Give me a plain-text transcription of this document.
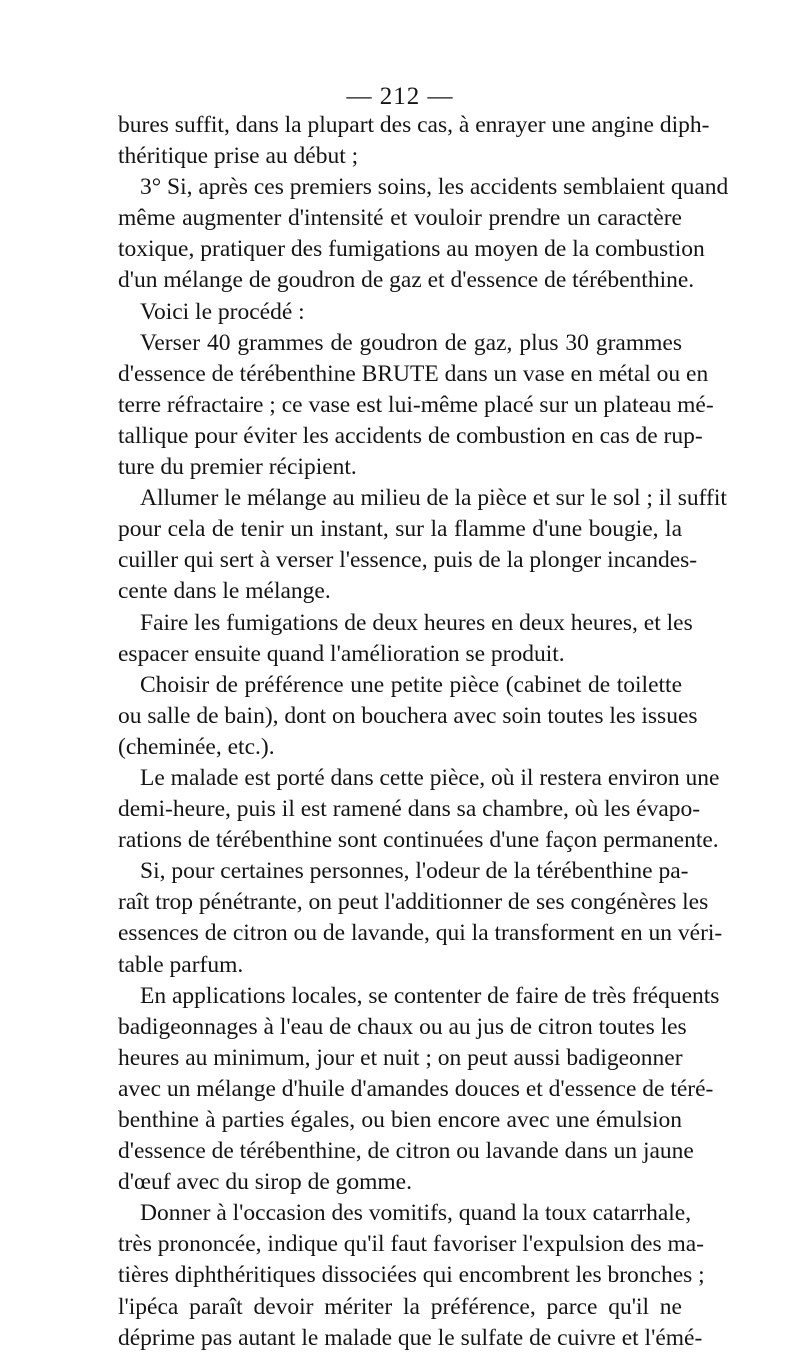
— 212 —
bures suffit, dans la plupart des cas, à enrayer une angine diph-
théritique prise au début ;
3° Si, après ces premiers soins, les accidents semblaient quand
même augmenter d'intensité et vouloir prendre un caractère
toxique, pratiquer des fumigations au moyen de la combustion
d'un mélange de goudron de gaz et d'essence de térébenthine.
Voici le procédé :
Verser 40 grammes de goudron de gaz, plus 30 grammes
d'essence de térébenthine BRUTE dans un vase en métal ou en
terre réfractaire ; ce vase est lui-même placé sur un plateau mé-
tallique pour éviter les accidents de combustion en cas de rup-
ture du premier récipient.
Allumer le mélange au milieu de la pièce et sur le sol ; il suffit
pour cela de tenir un instant, sur la flamme d'une bougie, la
cuiller qui sert à verser l'essence, puis de la plonger incandes-
cente dans le mélange.
Faire les fumigations de deux heures en deux heures, et les
espacer ensuite quand l'amélioration se produit.
Choisir de préférence une petite pièce (cabinet de toilette
ou salle de bain), dont on bouchera avec soin toutes les issues
(cheminée, etc.).
Le malade est porté dans cette pièce, où il restera environ une
demi-heure, puis il est ramené dans sa chambre, où les évapo-
rations de térébenthine sont continuées d'une façon permanente.
Si, pour certaines personnes, l'odeur de la térébenthine pa-
raît trop pénétrante, on peut l'additionner de ses congénères les
essences de citron ou de lavande, qui la transforment en un véri-
table parfum.
En applications locales, se contenter de faire de très fréquents
badigeonnages à l'eau de chaux ou au jus de citron toutes les
heures au minimum, jour et nuit ; on peut aussi badigeonner
avec un mélange d'huile d'amandes douces et d'essence de téré-
benthine à parties égales, ou bien encore avec une émulsion
d'essence de térébenthine, de citron ou lavande dans un jaune
d'œuf avec du sirop de gomme.
Donner à l'occasion des vomitifs, quand la toux catarrhale,
très prononcée, indique qu'il faut favoriser l'expulsion des ma-
tières diphthéritiques dissociées qui encombrent les bronches ;
l'ipéca paraît devoir mériter la préférence, parce qu'il ne
déprime pas autant le malade que le sulfate de cuivre et l'émé-
